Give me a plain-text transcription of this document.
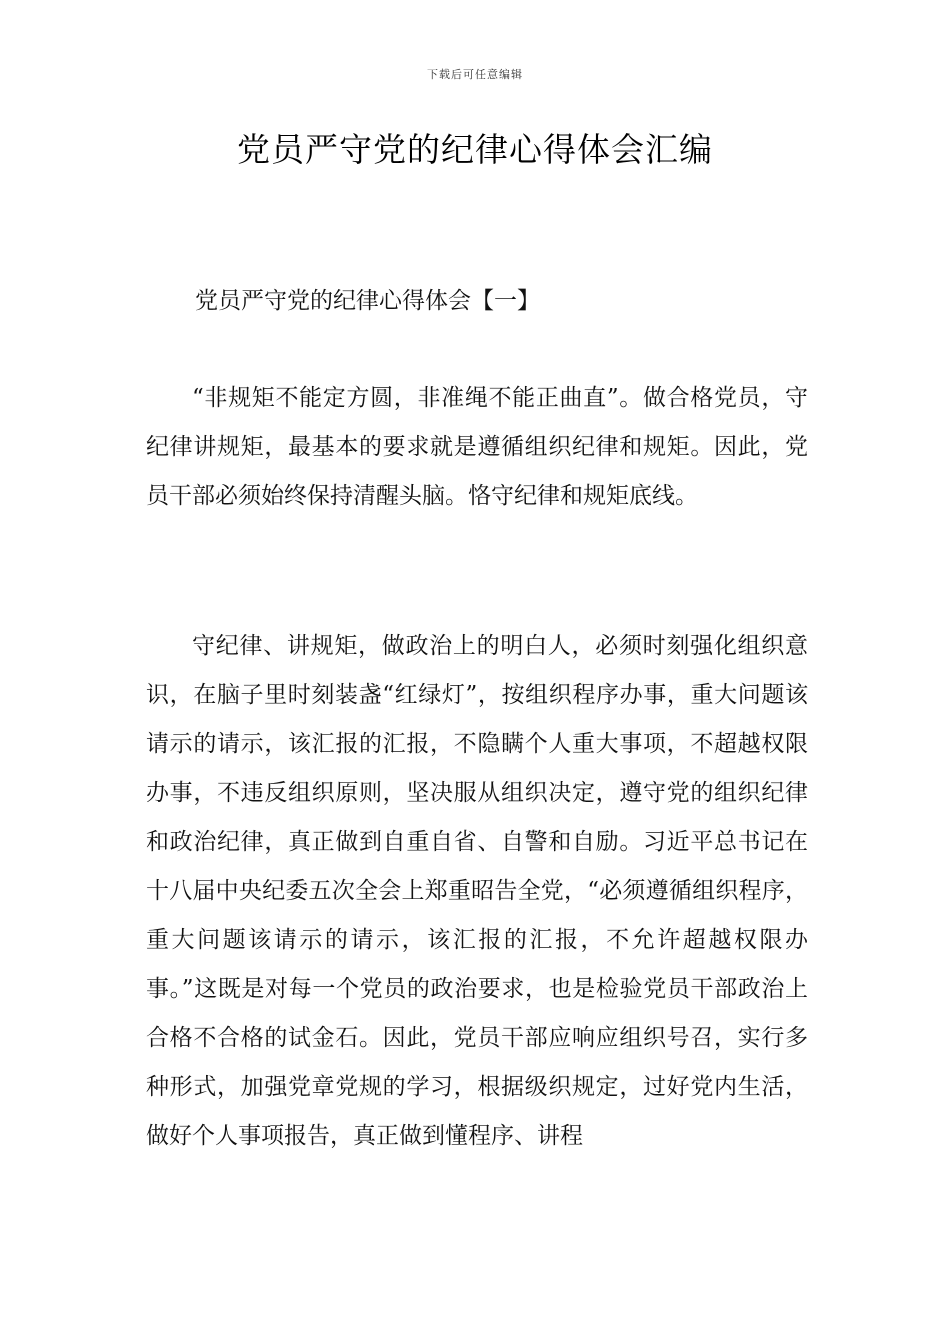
下载后可任意编辑
党员严守党的纪律心得体会汇编
党员严守党的纪律心得体会【一】

“非规矩不能定方圆，非准绳不能正曲直”。做合格党员，守纪律讲规矩，最基本的要求就是遵循组织纪律和规矩。因此，党员干部必须始终保持清醒头脑。恪守纪律和规矩底线。

守纪律、讲规矩，做政治上的明白人，必须时刻强化组织意识，在脑子里时刻装盏“红绿灯”，按组织程序办事，重大问题该请示的请示，该汇报的汇报，不隐瞒个人重大事项，不超越权限办事，不违反组织原则，坚决服从组织决定，遵守党的组织纪律和政治纪律，真正做到自重自省、自警和自励。习近平总书记在十八届中央纪委五次全会上郑重昭告全党，“必须遵循组织程序，重大问题该请示的请示，该汇报的汇报，不允许超越权限办事。”这既是对每一个党员的政治要求，也是检验党员干部政治上合格不合格的试金石。因此，党员干部应响应组织号召，实行多种形式，加强党章党规的学习，根据级织规定，过好党内生活，做好个人事项报告，真正做到懂程序、讲程
